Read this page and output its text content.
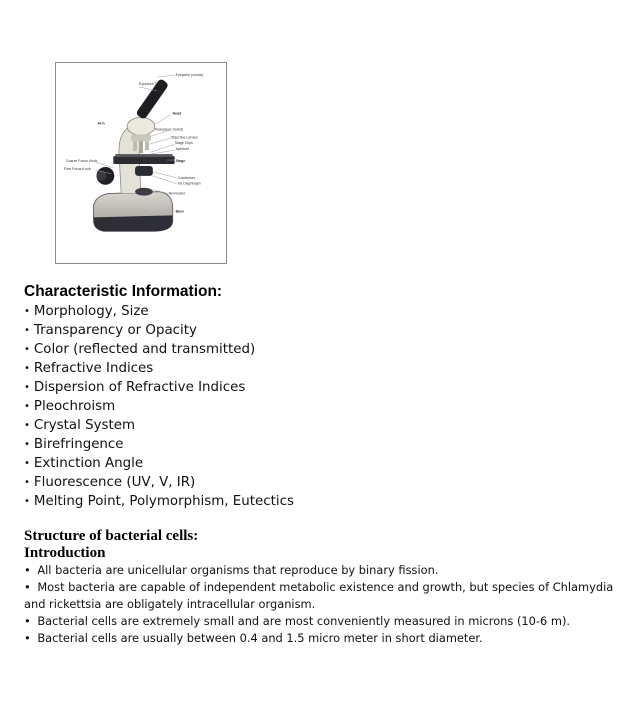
Eyepiece (ocular)
Eyepiece Tube
Head
Arm
Nosepiece (turret)
Objective Lenses
Stage Clips
Aperture
Coarse Focus Knob
Fine Focus Knob
Stage
Condenser
Iris Diaphragm
Illuminator
Base
Characteristic Information:
• Morphology, Size
• Transparency or Opacity
• Color (reflected and transmitted)
• Refractive Indices
• Dispersion of Refractive Indices
• Pleochroism
• Crystal System
• Birefringence
• Extinction Angle
• Fluorescence (UV, V, IR)
• Melting Point, Polymorphism, Eutectics
Structure of bacterial cells:
Introduction

• All bacteria are unicellular organisms that reproduce by binary fission.

• Most bacteria are capable of independent metabolic existence and growth, but species of Chlamydia and rickettsia are obligately intracellular organism.

• Bacterial cells are extremely small and are most conveniently measured in microns (10-6 m).

• Bacterial cells are usually between 0.4 and 1.5 micro meter in short diameter.
